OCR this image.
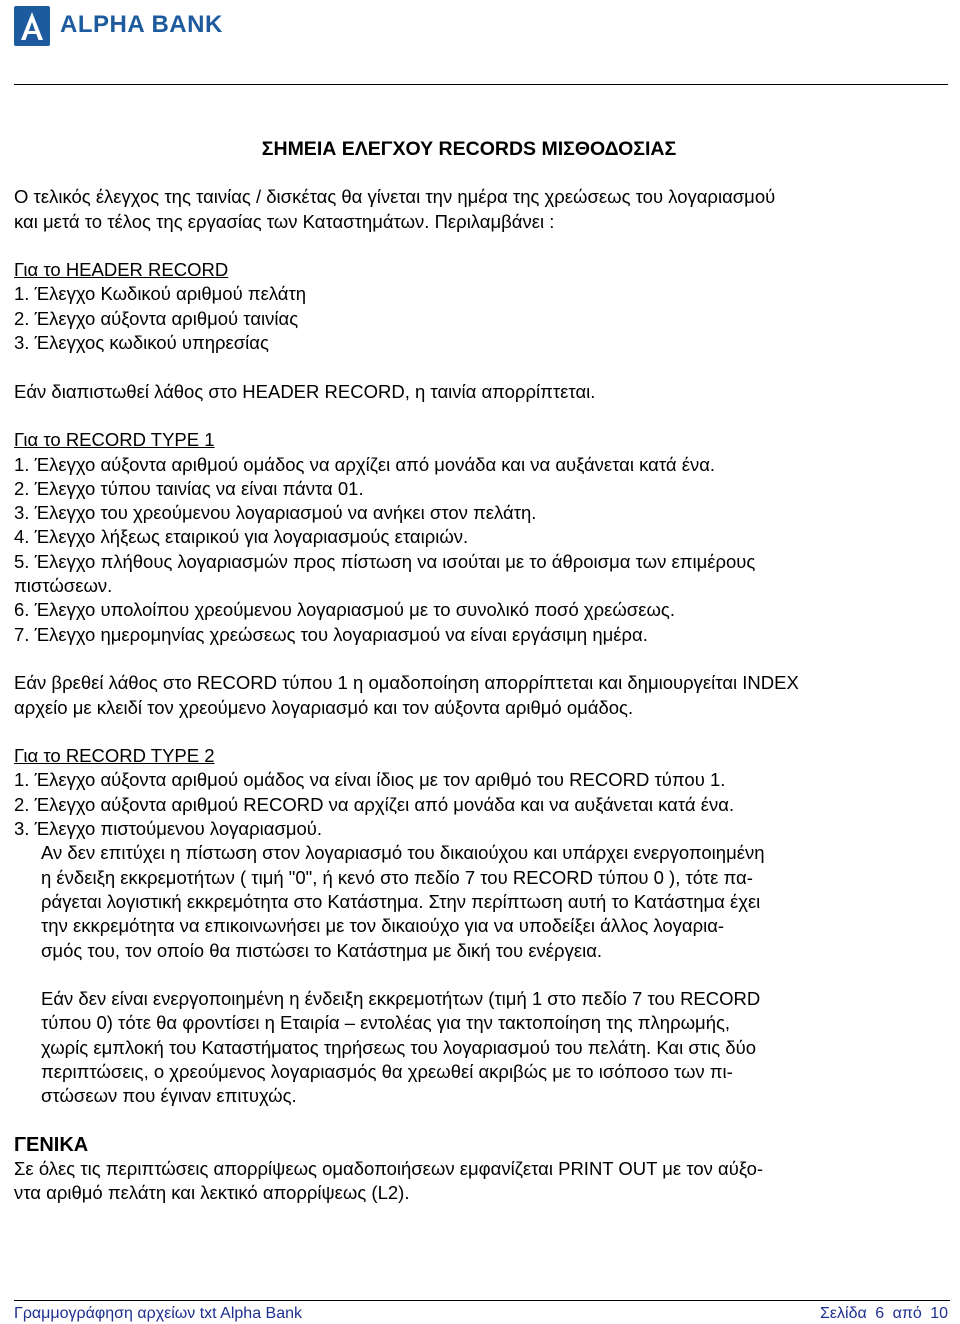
ALPHA BANK

ΣΗΜΕΙΑ ΕΛΕΓΧΟΥ RECORDS ΜΙΣΘΟΔΟΣΙΑΣ

Ο τελικός έλεγχος της ταινίας / δισκέτας θα γίνεται την ημέρα της χρεώσεως του λογαριασμού

και μετά το τέλος της εργασίας των Καταστημάτων. Περιλαμβάνει :

Για το HEADER RECORD

1. Έλεγχο Κωδικού αριθμού πελάτη

2. Έλεγχο αύξοντα αριθμού ταινίας

3. Έλεγχος κωδικού υπηρεσίας

Εάν διαπιστωθεί λάθος στο HEADER RECORD, η ταινία απορρίπτεται.

Για το RECORD TYPE 1

1. Έλεγχο αύξοντα αριθμού ομάδος να αρχίζει από μονάδα και να αυξάνεται κατά ένα.

2. Έλεγχο τύπου ταινίας να είναι πάντα 01.

3. Έλεγχο του χρεούμενου λογαριασμού να ανήκει στον πελάτη.

4. Έλεγχο λήξεως εταιρικού για λογαριασμούς εταιριών.

5. Έλεγχο πλήθους λογαριασμών προς πίστωση να ισούται με το άθροισμα των επιμέρους

πιστώσεων.

6. Έλεγχο υπολοίπου χρεούμενου λογαριασμού με το συνολικό ποσό χρεώσεως.

7. Έλεγχο ημερομηνίας χρεώσεως του λογαριασμού να είναι εργάσιμη ημέρα.

Εάν βρεθεί λάθος στο RECORD τύπου 1 η ομαδοποίηση απορρίπτεται και δημιουργείται INDEX

αρχείο με κλειδί τον χρεούμενο λογαριασμό και τον αύξοντα αριθμό ομάδος.

Για το RECORD TYPE 2

1. Έλεγχο αύξοντα αριθμού ομάδος να είναι ίδιος με τον αριθμό του RECORD τύπου 1.

2. Έλεγχο αύξοντα αριθμού RECORD να αρχίζει από μονάδα και να αυξάνεται κατά ένα.

3. Έλεγχο πιστούμενου λογαριασμού.

Αν δεν επιτύχει η πίστωση στον λογαριασμό του δικαιούχου και υπάρχει ενεργοποιημένη

η ένδειξη εκκρεμοτήτων ( τιμή "0", ή κενό στο πεδίο 7 του RECORD τύπου 0 ), τότε πα-

ράγεται λογιστική εκκρεμότητα στο Κατάστημα. Στην περίπτωση αυτή το Κατάστημα έχει

την εκκρεμότητα να επικοινωνήσει με τον δικαιούχο για να υποδείξει άλλος λογαρια-

σμός του, τον οποίο θα πιστώσει το Κατάστημα με δική του ενέργεια.

Εάν δεν είναι ενεργοποιημένη η ένδειξη εκκρεμοτήτων (τιμή 1 στο πεδίο 7 του RECORD

τύπου 0) τότε θα φροντίσει η Εταιρία – εντολέας για την τακτοποίηση της πληρωμής,

χωρίς εμπλοκή του Καταστήματος τηρήσεως του λογαριασμού του πελάτη. Και στις δύο

περιπτώσεις, ο χρεούμενος λογαριασμός θα χρεωθεί ακριβώς με το ισόποσο των πι-

στώσεων που έγιναν επιτυχώς.

ΓΕΝΙΚΑ

Σε όλες τις περιπτώσεις απορρίψεως ομαδοποιήσεων εμφανίζεται PRINT OUT με τον αύξο-

ντα αριθμό πελάτη και λεκτικό απορρίψεως (L2).

Γραμμογράφηση αρχείων txt Alpha Bank	Σελίδα 6 από 10
